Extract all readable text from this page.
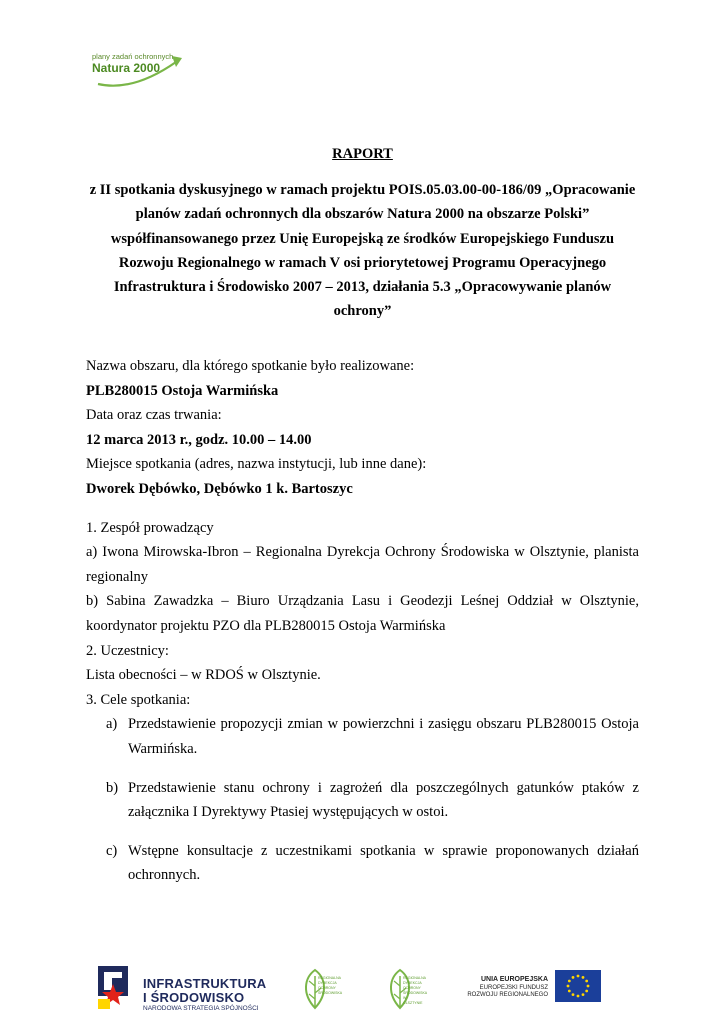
plany zadań ochronnych
Natura 2000
RAPORT
z II spotkania dyskusyjnego w ramach projektu POIS.05.03.00-00-186/09 „Opracowanie planów zadań ochronnych dla obszarów Natura 2000 na obszarze Polski” współfinansowanego przez Unię Europejską ze środków Europejskiego Funduszu Rozwoju Regionalnego w ramach V osi priorytetowej Programu Operacyjnego Infrastruktura i Środowisko 2007 – 2013, działania 5.3 „Opracowywanie planów ochrony”

Nazwa obszaru, dla którego spotkanie było realizowane:

PLB280015 Ostoja Warmińska

Data oraz czas trwania:

12 marca 2013 r., godz. 10.00 – 14.00

Miejsce spotkania (adres, nazwa instytucji, lub inne dane):

Dworek Dębówko, Dębówko 1 k. Bartoszyc

1. Zespół prowadzący

a) Iwona Mirowska-Ibron – Regionalna Dyrekcja Ochrony Środowiska w Olsztynie, planista regionalny

b) Sabina Zawadzka – Biuro Urządzania Lasu i Geodezji Leśnej Oddział w Olsztynie, koordynator projektu PZO dla PLB280015 Ostoja Warmińska

2. Uczestnicy:

Lista obecności – w RDOŚ w Olsztynie.

3. Cele spotkania:

a) Przedstawienie propozycji zmian w powierzchni i zasięgu obszaru PLB280015 Ostoja Warmińska.
b) Przedstawienie stanu ochrony i zagrożeń dla poszczególnych gatunków ptaków z załącznika I Dyrektywy Ptasiej występujących w ostoi.
c) Wstępne konsultacje z uczestnikami spotkania w sprawie proponowanych działań ochronnych.
INFRASTRUKTURA
I ŚRODOWISKO
NARODOWA STRATEGIA SPÓJNOŚCI
REGIONALNA DYREKCJA OCHRONY ŚRODOWISKA
REGIONALNA DYREKCJA OCHRONY ŚRODOWISKA W OLSZTYNIE
UNIA EUROPEJSKA
EUROPEJSKI FUNDUSZ
ROZWOJU REGIONALNEGO
